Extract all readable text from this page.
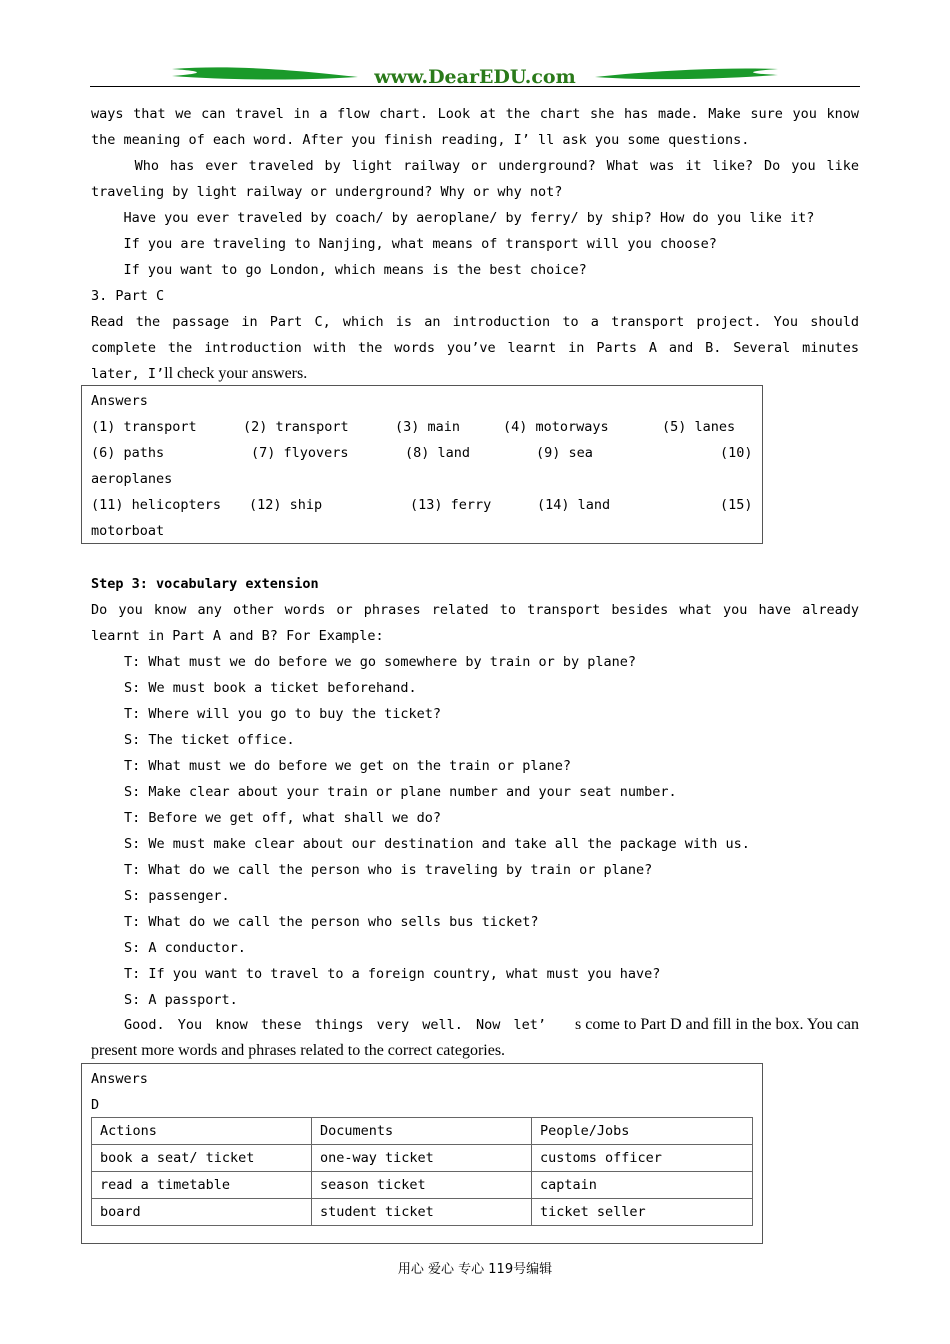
www.DearEDU.com
ways that we can travel in a flow chart. Look at the chart she has made. Make sure you know
the meaning of each word. After you finish reading, I’ ll ask you some questions.
Who has ever traveled by light railway or underground? What was it like? Do you like
traveling by light railway or underground? Why or why not?
Have you ever traveled by coach/ by aeroplane/ by ferry/ by ship? How do you like it?
If you are traveling to Nanjing, what means of transport will you choose?
If you want to go London, which means is the best choice?
3. Part C
Read the passage in Part C, which is an introduction to a transport project. You should
complete the introduction with the words you’ve learnt in Parts A and B. Several minutes
later, I’ll check your answers.
Answers
(1) transport	(2) transport	(3) main	(4) motorways	(5) lanes
(6) paths	(7) flyovers	(8) land	(9) sea	(10)
aeroplanes
(11) helicopters (12) ship	(13) ferry	(14) land	(15)
motorboat
Step 3: vocabulary extension
Do you know any other words or phrases related to transport besides what you have already
learnt in Part A and B? For Example:
T: What must we do before we go somewhere by train or by plane?
S: We must book a ticket beforehand.
T: Where will you go to buy the ticket?
S: The ticket office.
T: What must we do before we get on the train or plane?
S: Make clear about your train or plane number and your seat number.
T: Before we get off, what shall we do?
S: We must make clear about our destination and take all the package with us.
T: What do we call the person who is traveling by train or plane?
S: passenger.
T: What do we call the person who sells bus ticket?
S: A conductor.
T: If you want to travel to a foreign country, what must you have?
S: A passport.
Good. You know these things very well. Now let’ s come to Part D and fill in the box. You can
present more words and phrases related to the correct categories.
Answers
D
Actions	Documents	People/Jobs
book a seat/ ticket	one-way ticket	customs officer
read a timetable	season ticket	captain
board	student ticket	ticket seller
用心 爱心 专心 119号编辑
